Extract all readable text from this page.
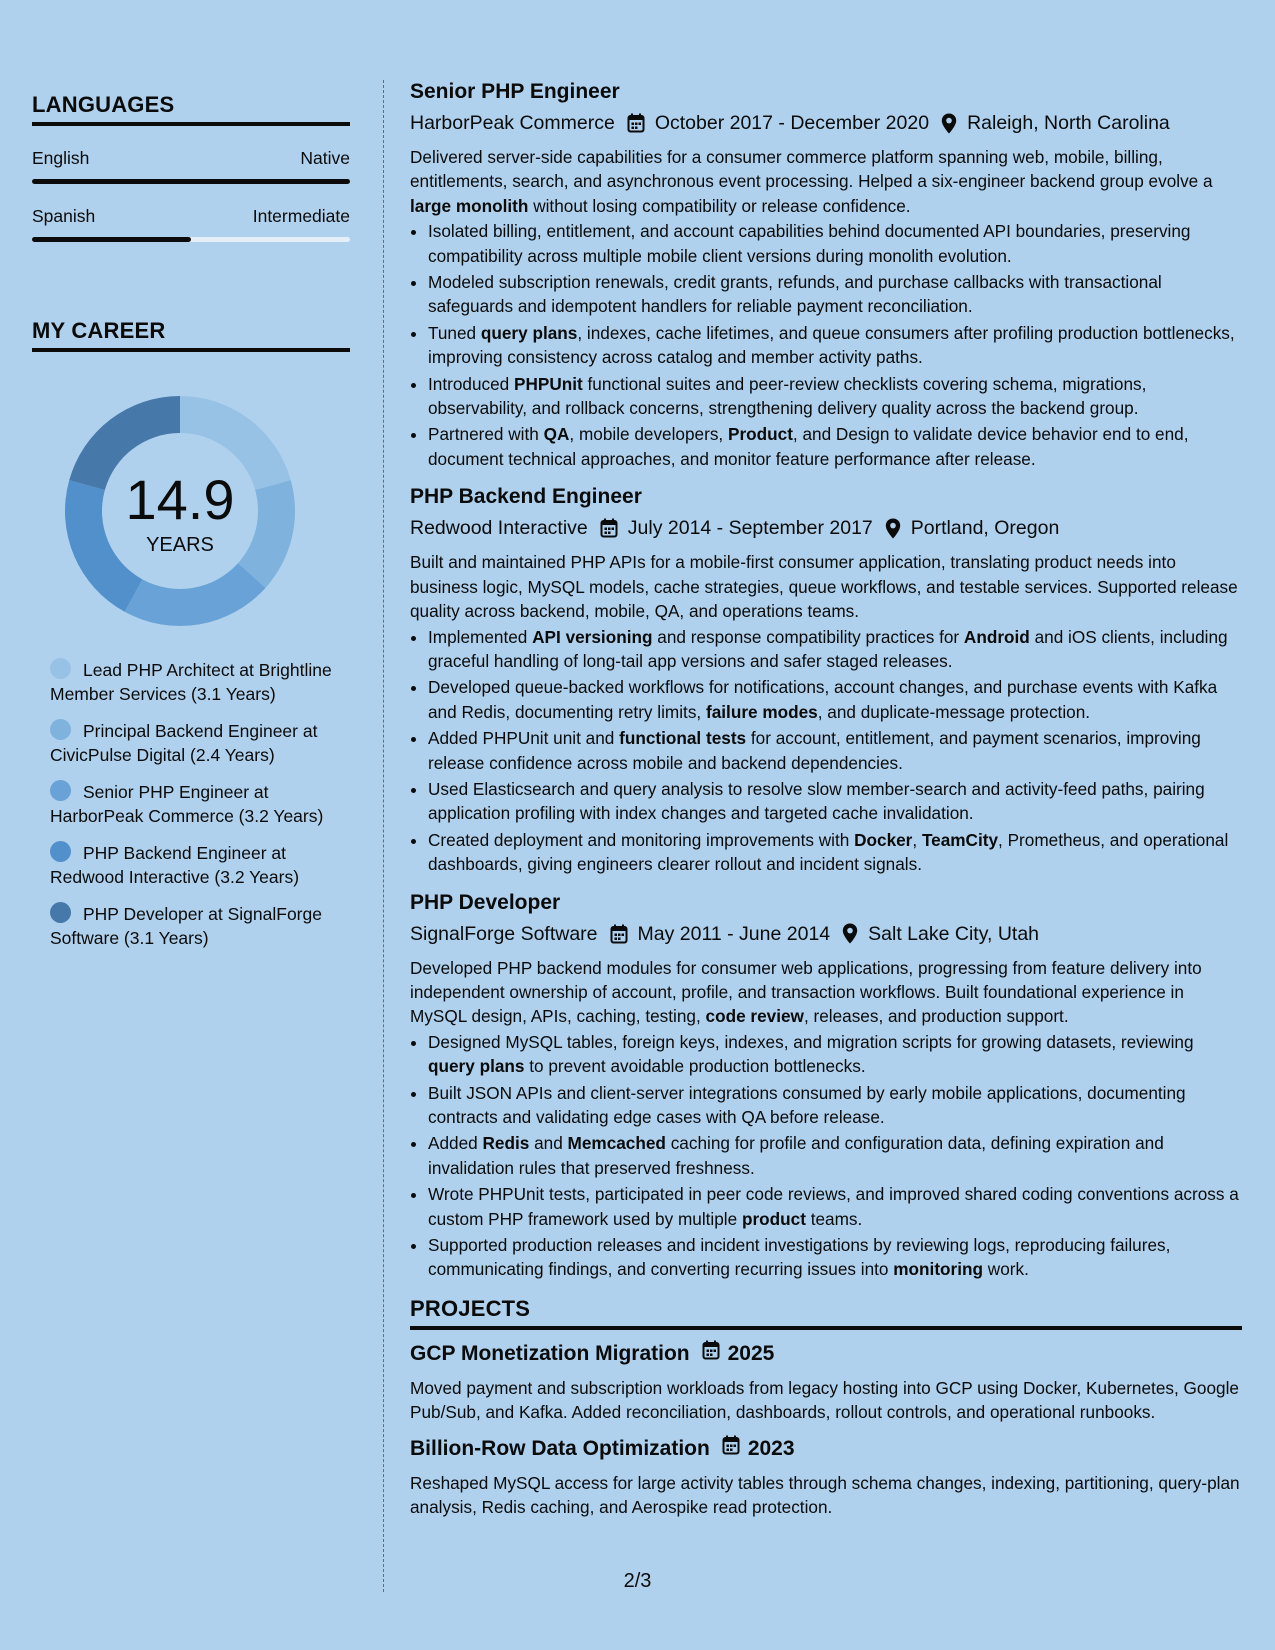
LANGUAGES
English	Native
Spanish	Intermediate
MY CAREER
14.9
YEARS
Lead PHP Architect at Brightline Member Services (3.1 Years)
Principal Backend Engineer at CivicPulse Digital (2.4 Years)
Senior PHP Engineer at HarborPeak Commerce (3.2 Years)
PHP Backend Engineer at Redwood Interactive (3.2 Years)
PHP Developer at SignalForge Software (3.1 Years)
Senior PHP Engineer
HarborPeak Commerce October 2017 - December 2020 Raleigh, North Carolina
Delivered server-side capabilities for a consumer commerce platform spanning web, mobile, billing, entitlements, search, and asynchronous event processing. Helped a six-engineer backend group evolve a large monolith without losing compatibility or release confidence.
• Isolated billing, entitlement, and account capabilities behind documented API boundaries, preserving compatibility across multiple mobile client versions during monolith evolution.
• Modeled subscription renewals, credit grants, refunds, and purchase callbacks with transactional safeguards and idempotent handlers for reliable payment reconciliation.
• Tuned query plans, indexes, cache lifetimes, and queue consumers after profiling production bottlenecks, improving consistency across catalog and member activity paths.
• Introduced PHPUnit functional suites and peer-review checklists covering schema, migrations, observability, and rollback concerns, strengthening delivery quality across the backend group.
• Partnered with QA, mobile developers, Product, and Design to validate device behavior end to end, document technical approaches, and monitor feature performance after release.
PHP Backend Engineer
Redwood Interactive July 2014 - September 2017 Portland, Oregon
Built and maintained PHP APIs for a mobile-first consumer application, translating product needs into business logic, MySQL models, cache strategies, queue workflows, and testable services. Supported release quality across backend, mobile, QA, and operations teams.
• Implemented API versioning and response compatibility practices for Android and iOS clients, including graceful handling of long-tail app versions and safer staged releases.
• Developed queue-backed workflows for notifications, account changes, and purchase events with Kafka and Redis, documenting retry limits, failure modes, and duplicate-message protection.
• Added PHPUnit unit and functional tests for account, entitlement, and payment scenarios, improving release confidence across mobile and backend dependencies.
• Used Elasticsearch and query analysis to resolve slow member-search and activity-feed paths, pairing application profiling with index changes and targeted cache invalidation.
• Created deployment and monitoring improvements with Docker, TeamCity, Prometheus, and operational dashboards, giving engineers clearer rollout and incident signals.
PHP Developer
SignalForge Software May 2011 - June 2014 Salt Lake City, Utah
Developed PHP backend modules for consumer web applications, progressing from feature delivery into independent ownership of account, profile, and transaction workflows. Built foundational experience in MySQL design, APIs, caching, testing, code review, releases, and production support.
• Designed MySQL tables, foreign keys, indexes, and migration scripts for growing datasets, reviewing query plans to prevent avoidable production bottlenecks.
• Built JSON APIs and client-server integrations consumed by early mobile applications, documenting contracts and validating edge cases with QA before release.
• Added Redis and Memcached caching for profile and configuration data, defining expiration and invalidation rules that preserved freshness.
• Wrote PHPUnit tests, participated in peer code reviews, and improved shared coding conventions across a custom PHP framework used by multiple product teams.
• Supported production releases and incident investigations by reviewing logs, reproducing failures, communicating findings, and converting recurring issues into monitoring work.
PROJECTS
GCP Monetization Migration 2025
Moved payment and subscription workloads from legacy hosting into GCP using Docker, Kubernetes, Google Pub/Sub, and Kafka. Added reconciliation, dashboards, rollout controls, and operational runbooks.
Billion-Row Data Optimization 2023
Reshaped MySQL access for large activity tables through schema changes, indexing, partitioning, query-plan analysis, Redis caching, and Aerospike read protection.
2/3
